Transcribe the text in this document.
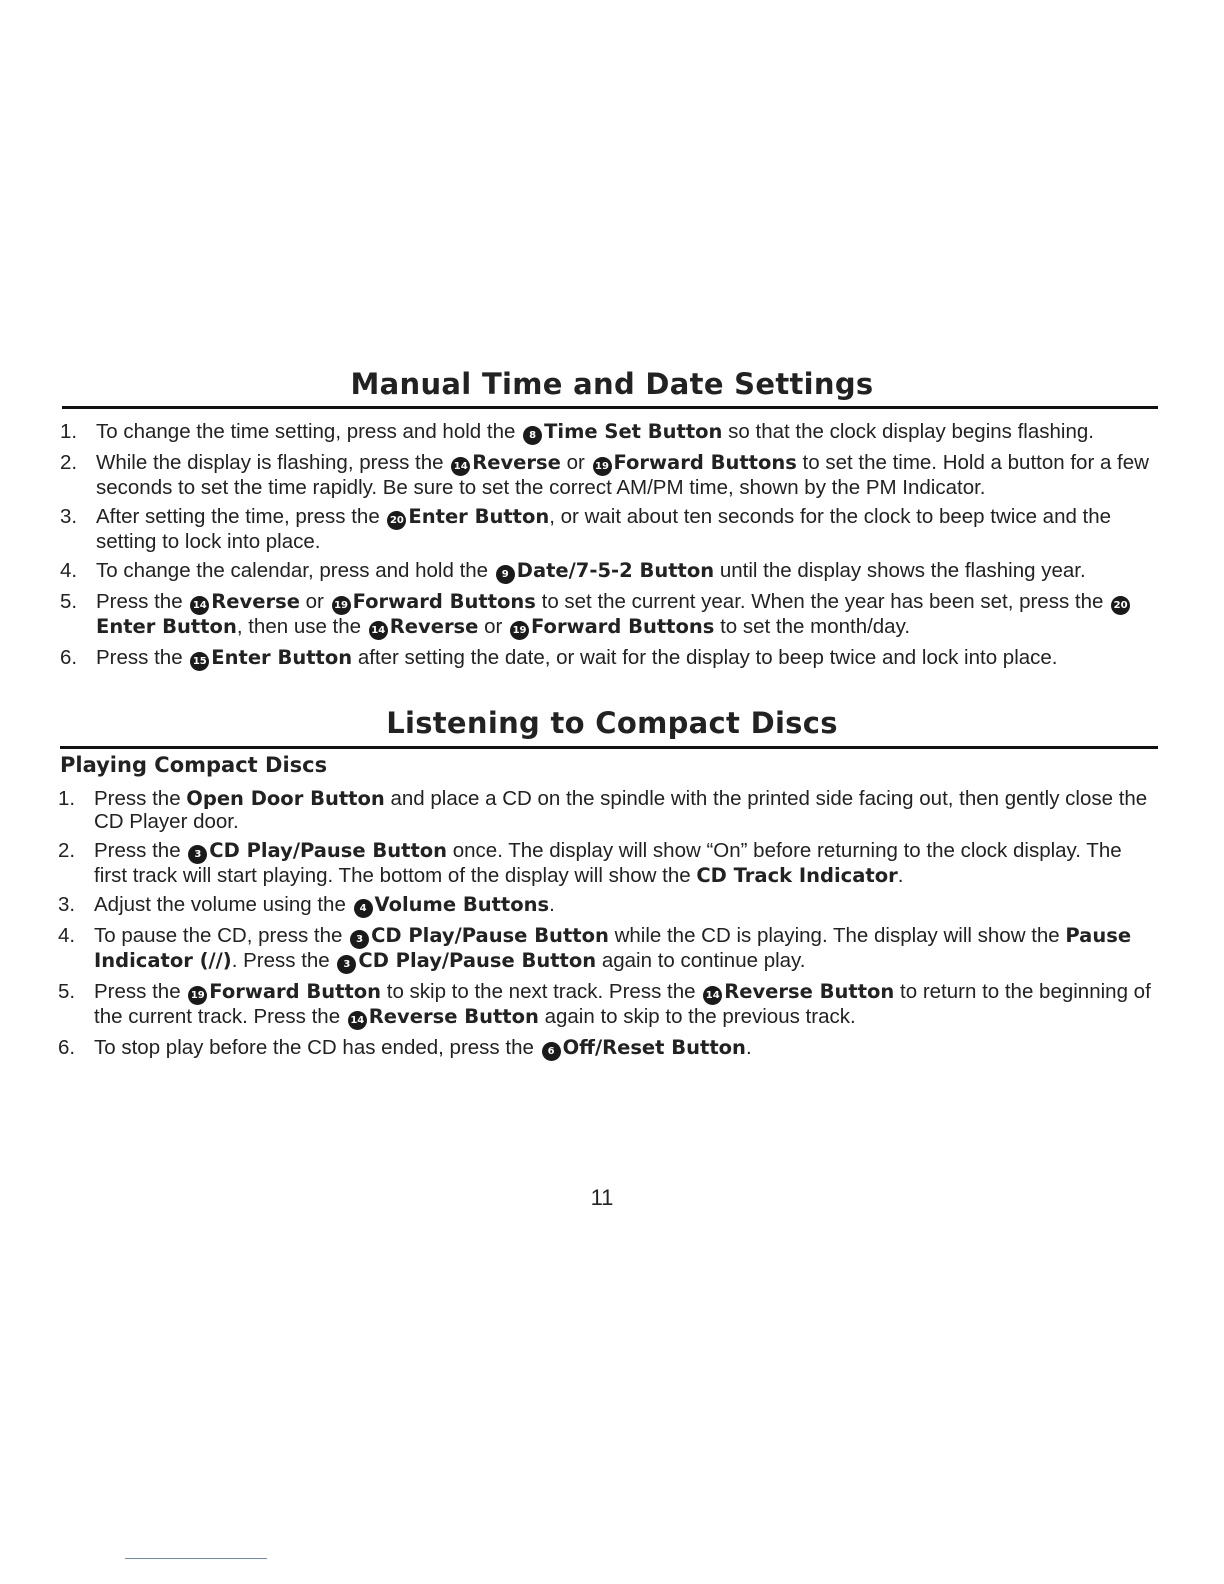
Manual Time and Date Settings
1. To change the time setting, press and hold the 8 Time Set Button so that the clock display begins flashing.
2. While the display is flashing, press the 14 Reverse or 19 Forward Buttons to set the time. Hold a button for a few seconds to set the time rapidly. Be sure to set the correct AM/PM time, shown by the PM Indicator.
3. After setting the time, press the 20 Enter Button, or wait about ten seconds for the clock to beep twice and the setting to lock into place.
4. To change the calendar, press and hold the 9 Date/7-5-2 Button until the display shows the flashing year.
5. Press the 14 Reverse or 19 Forward Buttons to set the current year. When the year has been set, press the 20Enter Button, then use the 14 Reverse or 19 Forward Buttons to set the month/day.
6. Press the 15 Enter Button after setting the date, or wait for the display to beep twice and lock into place.
Listening to Compact Discs
Playing Compact Discs
1. Press the Open Door Button and place a CD on the spindle with the printed side facing out, then gently close the CD Player door.
2. Press the 3 CD Play/Pause Button once. The display will show “On” before returning to the clock display. The first track will start playing. The bottom of the display will show the CD Track Indicator.
3. Adjust the volume using the 4 Volume Buttons.
4. To pause the CD, press the 3 CD Play/Pause Button while the CD is playing. The display will show the Pause Indicator (//). Press the 3 CD Play/Pause Button again to continue play.
5. Press the 19 Forward Button to skip to the next track. Press the 14 Reverse Button to return to the beginning of the current track. Press the 14 Reverse Button again to skip to the previous track.
6. To stop play before the CD has ended, press the 6 Off/Reset Button.
11
